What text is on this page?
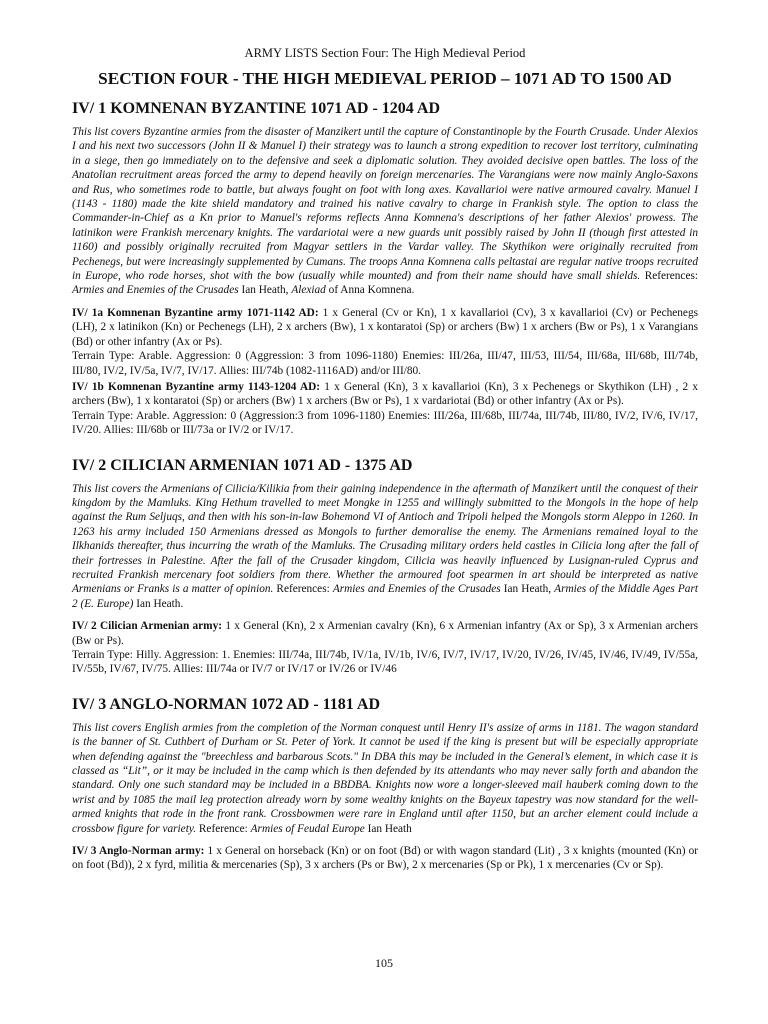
ARMY LISTS Section Four: The High Medieval Period
SECTION FOUR - THE HIGH MEDIEVAL PERIOD – 1071 AD TO 1500 AD
IV/ 1 KOMNENAN BYZANTINE 1071 AD - 1204 AD

This list covers Byzantine armies from the disaster of Manzikert until the capture of Constantinople by the Fourth Crusade. Under Alexios I and his next two successors (John II & Manuel I) their strategy was to launch a strong expedition to recover lost territory, culminating in a siege, then go immediately on to the defensive and seek a diplomatic solution. They avoided decisive open battles. The loss of the Anatolian recruitment areas forced the army to depend heavily on foreign mercenaries. The Varangians were now mainly Anglo-Saxons and Rus, who sometimes rode to battle, but always fought on foot with long axes. Kavallarioi were native armoured cavalry. Manuel I (1143 - 1180) made the kite shield mandatory and trained his native cavalry to charge in Frankish style. The option to class the Commander-in-Chief as a Kn prior to Manuel's reforms reflects Anna Komnena's descriptions of her father Alexios' prowess. The latinikon were Frankish mercenary knights. The vardariotai were a new guards unit possibly raised by John II (though first attested in 1160) and possibly originally recruited from Magyar settlers in the Vardar valley. The Skythikon were originally recruited from Pechenegs, but were increasingly supplemented by Cumans. The troops Anna Komnena calls peltastai are regular native troops recruited in Europe, who rode horses, shot with the bow (usually while mounted) and from their name should have small shields. References: Armies and Enemies of the Crusades Ian Heath, Alexiad of Anna Komnena.

IV/ 1a Komnenan Byzantine army 1071-1142 AD: 1 x General (Cv or Kn), 1 x kavallarioi (Cv), 3 x kavallarioi (Cv) or Pechenegs (LH), 2 x latinikon (Kn) or Pechenegs (LH), 2 x archers (Bw), 1 x kontaratoi (Sp) or archers (Bw) 1 x archers (Bw or Ps), 1 x Varangians (Bd) or other infantry (Ax or Ps).

Terrain Type: Arable. Aggression: 0 (Aggression: 3 from 1096-1180) Enemies: III/26a, III/47, III/53, III/54, III/68a, III/68b, III/74b, III/80, IV/2, IV/5a, IV/7, IV/17. Allies: III/74b (1082-1116AD) and/or III/80.

IV/ 1b Komnenan Byzantine army 1143-1204 AD: 1 x General (Kn), 3 x kavallarioi (Kn), 3 x Pechenegs or Skythikon (LH) , 2 x archers (Bw), 1 x kontaratoi (Sp) or archers (Bw) 1 x archers (Bw or Ps), 1 x vardariotai (Bd) or other infantry (Ax or Ps).

Terrain Type: Arable. Aggression: 0 (Aggression:3 from 1096-1180) Enemies: III/26a, III/68b, III/74a, III/74b, III/80, IV/2, IV/6, IV/17, IV/20. Allies: III/68b or III/73a or IV/2 or IV/17.

IV/ 2 CILICIAN ARMENIAN 1071 AD - 1375 AD

This list covers the Armenians of Cilicia/Kilikia from their gaining independence in the aftermath of Manzikert until the conquest of their kingdom by the Mamluks. King Hethum travelled to meet Mongke in 1255 and willingly submitted to the Mongols in the hope of help against the Rum Seljuqs, and then with his son-in-law Bohemond VI of Antioch and Tripoli helped the Mongols storm Aleppo in 1260. In 1263 his army included 150 Armenians dressed as Mongols to further demoralise the enemy. The Armenians remained loyal to the Ilkhanids thereafter, thus incurring the wrath of the Mamluks. The Crusading military orders held castles in Cilicia long after the fall of their fortresses in Palestine. After the fall of the Crusader kingdom, Cilicia was heavily influenced by Lusignan-ruled Cyprus and recruited Frankish mercenary foot soldiers from there. Whether the armoured foot spearmen in art should be interpreted as native Armenians or Franks is a matter of opinion. References: Armies and Enemies of the Crusades Ian Heath, Armies of the Middle Ages Part 2 (E. Europe) Ian Heath.

IV/ 2 Cilician Armenian army: 1 x General (Kn), 2 x Armenian cavalry (Kn), 6 x Armenian infantry (Ax or Sp), 3 x Armenian archers (Bw or Ps).

Terrain Type: Hilly. Aggression: 1. Enemies: III/74a, III/74b, IV/1a, IV/1b, IV/6, IV/7, IV/17, IV/20, IV/26, IV/45, IV/46, IV/49, IV/55a, IV/55b, IV/67, IV/75. Allies: III/74a or IV/7 or IV/17 or IV/26 or IV/46

IV/ 3 ANGLO-NORMAN 1072 AD - 1181 AD

This list covers English armies from the completion of the Norman conquest until Henry II's assize of arms in 1181. The wagon standard is the banner of St. Cuthbert of Durham or St. Peter of York. It cannot be used if the king is present but will be especially appropriate when defending against the "breechless and barbarous Scots." In DBA this may be included in the General’s element, in which case it is classed as “Lit”, or it may be included in the camp which is then defended by its attendants who may never sally forth and abandon the standard. Only one such standard may be included in a BBDBA. Knights now wore a longer-sleeved mail hauberk coming down to the wrist and by 1085 the mail leg protection already worn by some wealthy knights on the Bayeux tapestry was now standard for the well-armed knights that rode in the front rank. Crossbowmen were rare in England until after 1150, but an archer element could include a crossbow figure for variety. Reference: Armies of Feudal Europe Ian Heath

IV/ 3 Anglo-Norman army: 1 x General on horseback (Kn) or on foot (Bd) or with wagon standard (Lit) , 3 x knights (mounted (Kn) or on foot (Bd)), 2 x fyrd, militia & mercenaries (Sp), 3 x archers (Ps or Bw), 2 x mercenaries (Sp or Pk), 1 x mercenaries (Cv or Sp).

105
